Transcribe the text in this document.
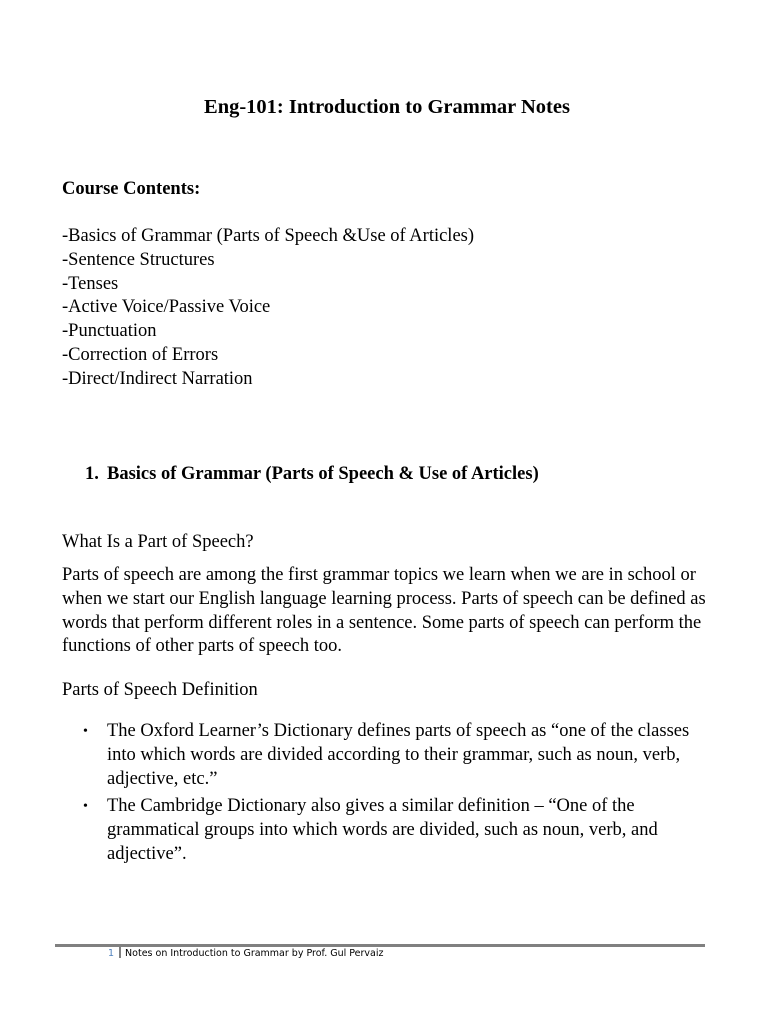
Eng-101: Introduction to Grammar Notes

Course Contents:

-Basics of Grammar (Parts of Speech &Use of Articles)
-Sentence Structures
-Tenses
-Active Voice/Passive Voice
-Punctuation
-Correction of Errors
-Direct/Indirect Narration
1. Basics of Grammar (Parts of Speech & Use of Articles)

What Is a Part of Speech?

Parts of speech are among the first grammar topics we learn when we are in school or when we start our English language learning process. Parts of speech can be defined as words that perform different roles in a sentence. Some parts of speech can perform the functions of other parts of speech too.

Parts of Speech Definition

• The Oxford Learner’s Dictionary defines parts of speech as “one of the classes into which words are divided according to their grammar, such as noun, verb, adjective, etc.”
• The Cambridge Dictionary also gives a similar definition – “One of the grammatical groups into which words are divided, such as noun, verb, and adjective”.
1 Notes on Introduction to Grammar by Prof. Gul Pervaiz
